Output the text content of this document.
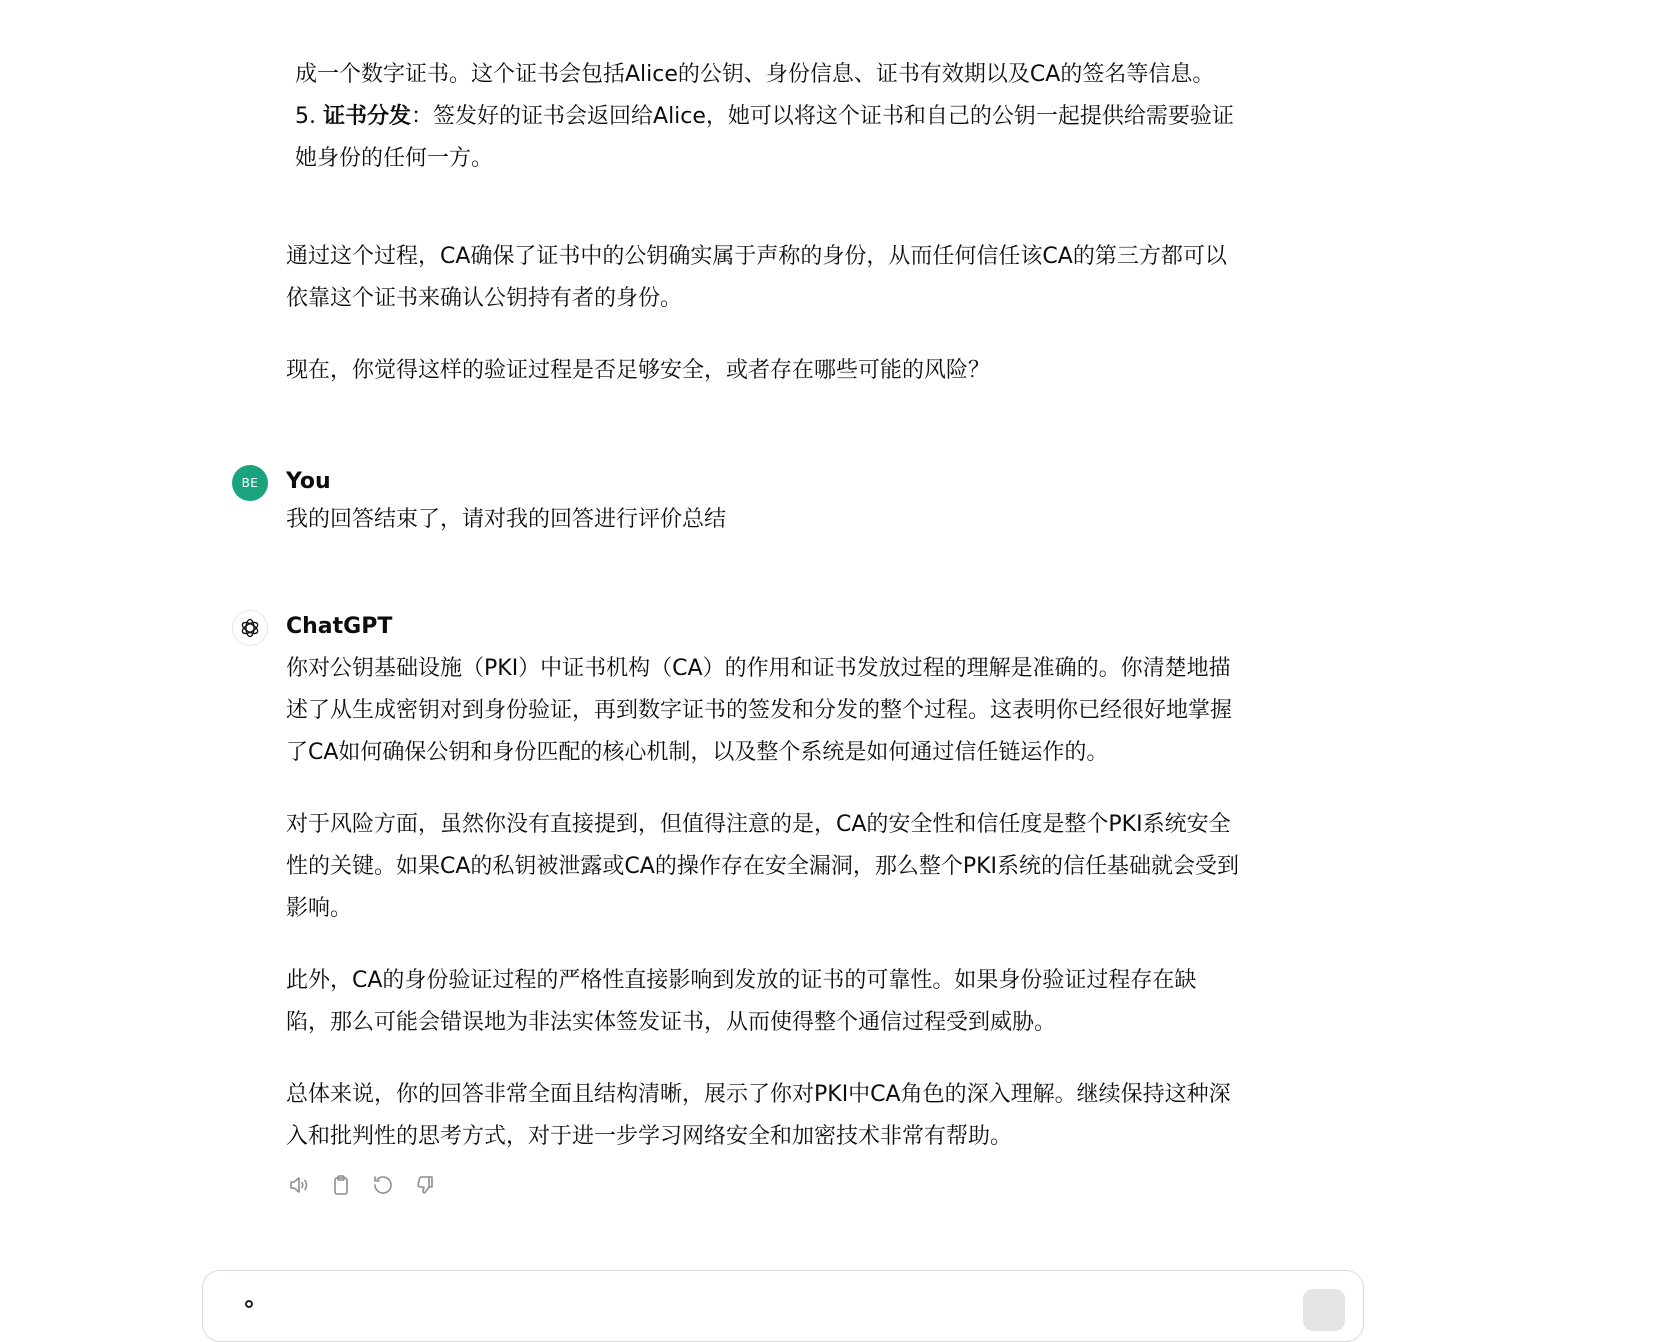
成一个数字证书。这个证书会包括Alice的公钥、身份信息、证书有效期以及CA的签名等信息。

5. 证书分发：签发好的证书会返回给Alice，她可以将这个证书和自己的公钥一起提供给需要验证
她身份的任何一方。

通过这个过程，CA确保了证书中的公钥确实属于声称的身份，从而任何信任该CA的第三方都可以
依靠这个证书来确认公钥持有者的身份。

现在，你觉得这样的验证过程是否足够安全，或者存在哪些可能的风险？

BE	You

我的回答结束了，请对我的回答进行评价总结

ChatGPT

你对公钥基础设施（PKI）中证书机构（CA）的作用和证书发放过程的理解是准确的。你清楚地描
述了从生成密钥对到身份验证，再到数字证书的签发和分发的整个过程。这表明你已经很好地掌握
了CA如何确保公钥和身份匹配的核心机制，以及整个系统是如何通过信任链运作的。

对于风险方面，虽然你没有直接提到，但值得注意的是，CA的安全性和信任度是整个PKI系统安全
性的关键。如果CA的私钥被泄露或CA的操作存在安全漏洞，那么整个PKI系统的信任基础就会受到
影响。

此外，CA的身份验证过程的严格性直接影响到发放的证书的可靠性。如果身份验证过程存在缺
陷，那么可能会错误地为非法实体签发证书，从而使得整个通信过程受到威胁。

总体来说，你的回答非常全面且结构清晰，展示了你对PKI中CA角色的深入理解。继续保持这种深
入和批判性的思考方式，对于进一步学习网络安全和加密技术非常有帮助。
